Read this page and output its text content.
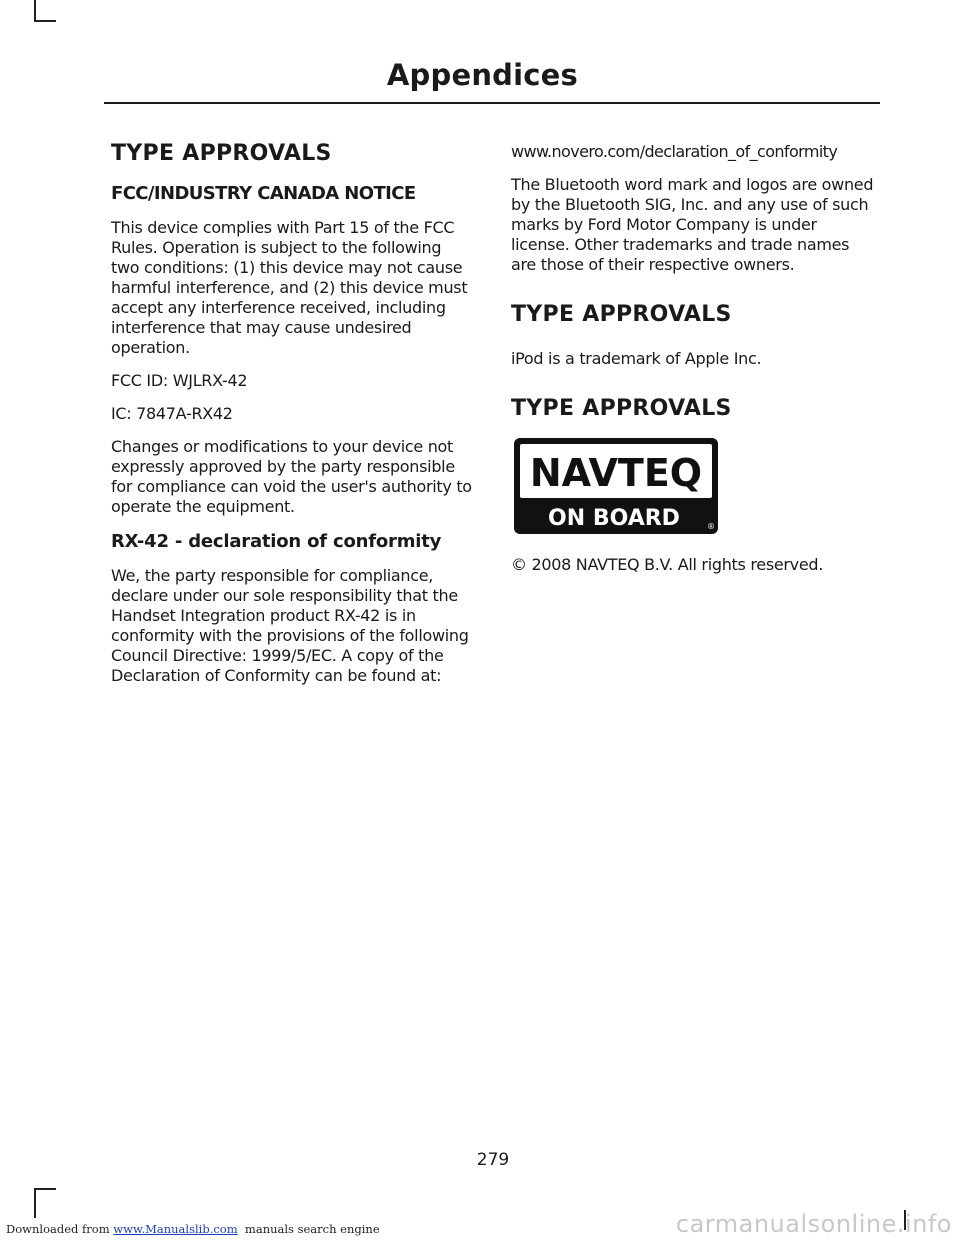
Appendices
TYPE APPROVALS
FCC/INDUSTRY CANADA NOTICE
This device complies with Part 15 of the FCC Rules. Operation is subject to the following two conditions: (1) this device may not cause harmful interference, and (2) this device must accept any interference received, including interference that may cause undesired operation.
FCC ID: WJLRX-42
IC: 7847A-RX42
Changes or modifications to your device not expressly approved by the party responsible for compliance can void the user's authority to operate the equipment.
RX-42 - declaration of conformity
We, the party responsible for compliance, declare under our sole responsibility that the Handset Integration product RX-42 is in conformity with the provisions of the following Council Directive: 1999/5/EC. A copy of the Declaration of Conformity can be found at:
www.novero.com/declaration_of_conformity
The Bluetooth word mark and logos are owned by the Bluetooth SIG, Inc. and any use of such marks by Ford Motor Company is under license. Other trademarks and trade names are those of their respective owners.
TYPE APPROVALS
iPod is a trademark of Apple Inc.
TYPE APPROVALS
NAVTEQ
ON BOARD	®
© 2008 NAVTEQ B.V. All rights reserved.
279
Downloaded from www.Manualslib.com  manuals search engine	carmanualsonline.info
